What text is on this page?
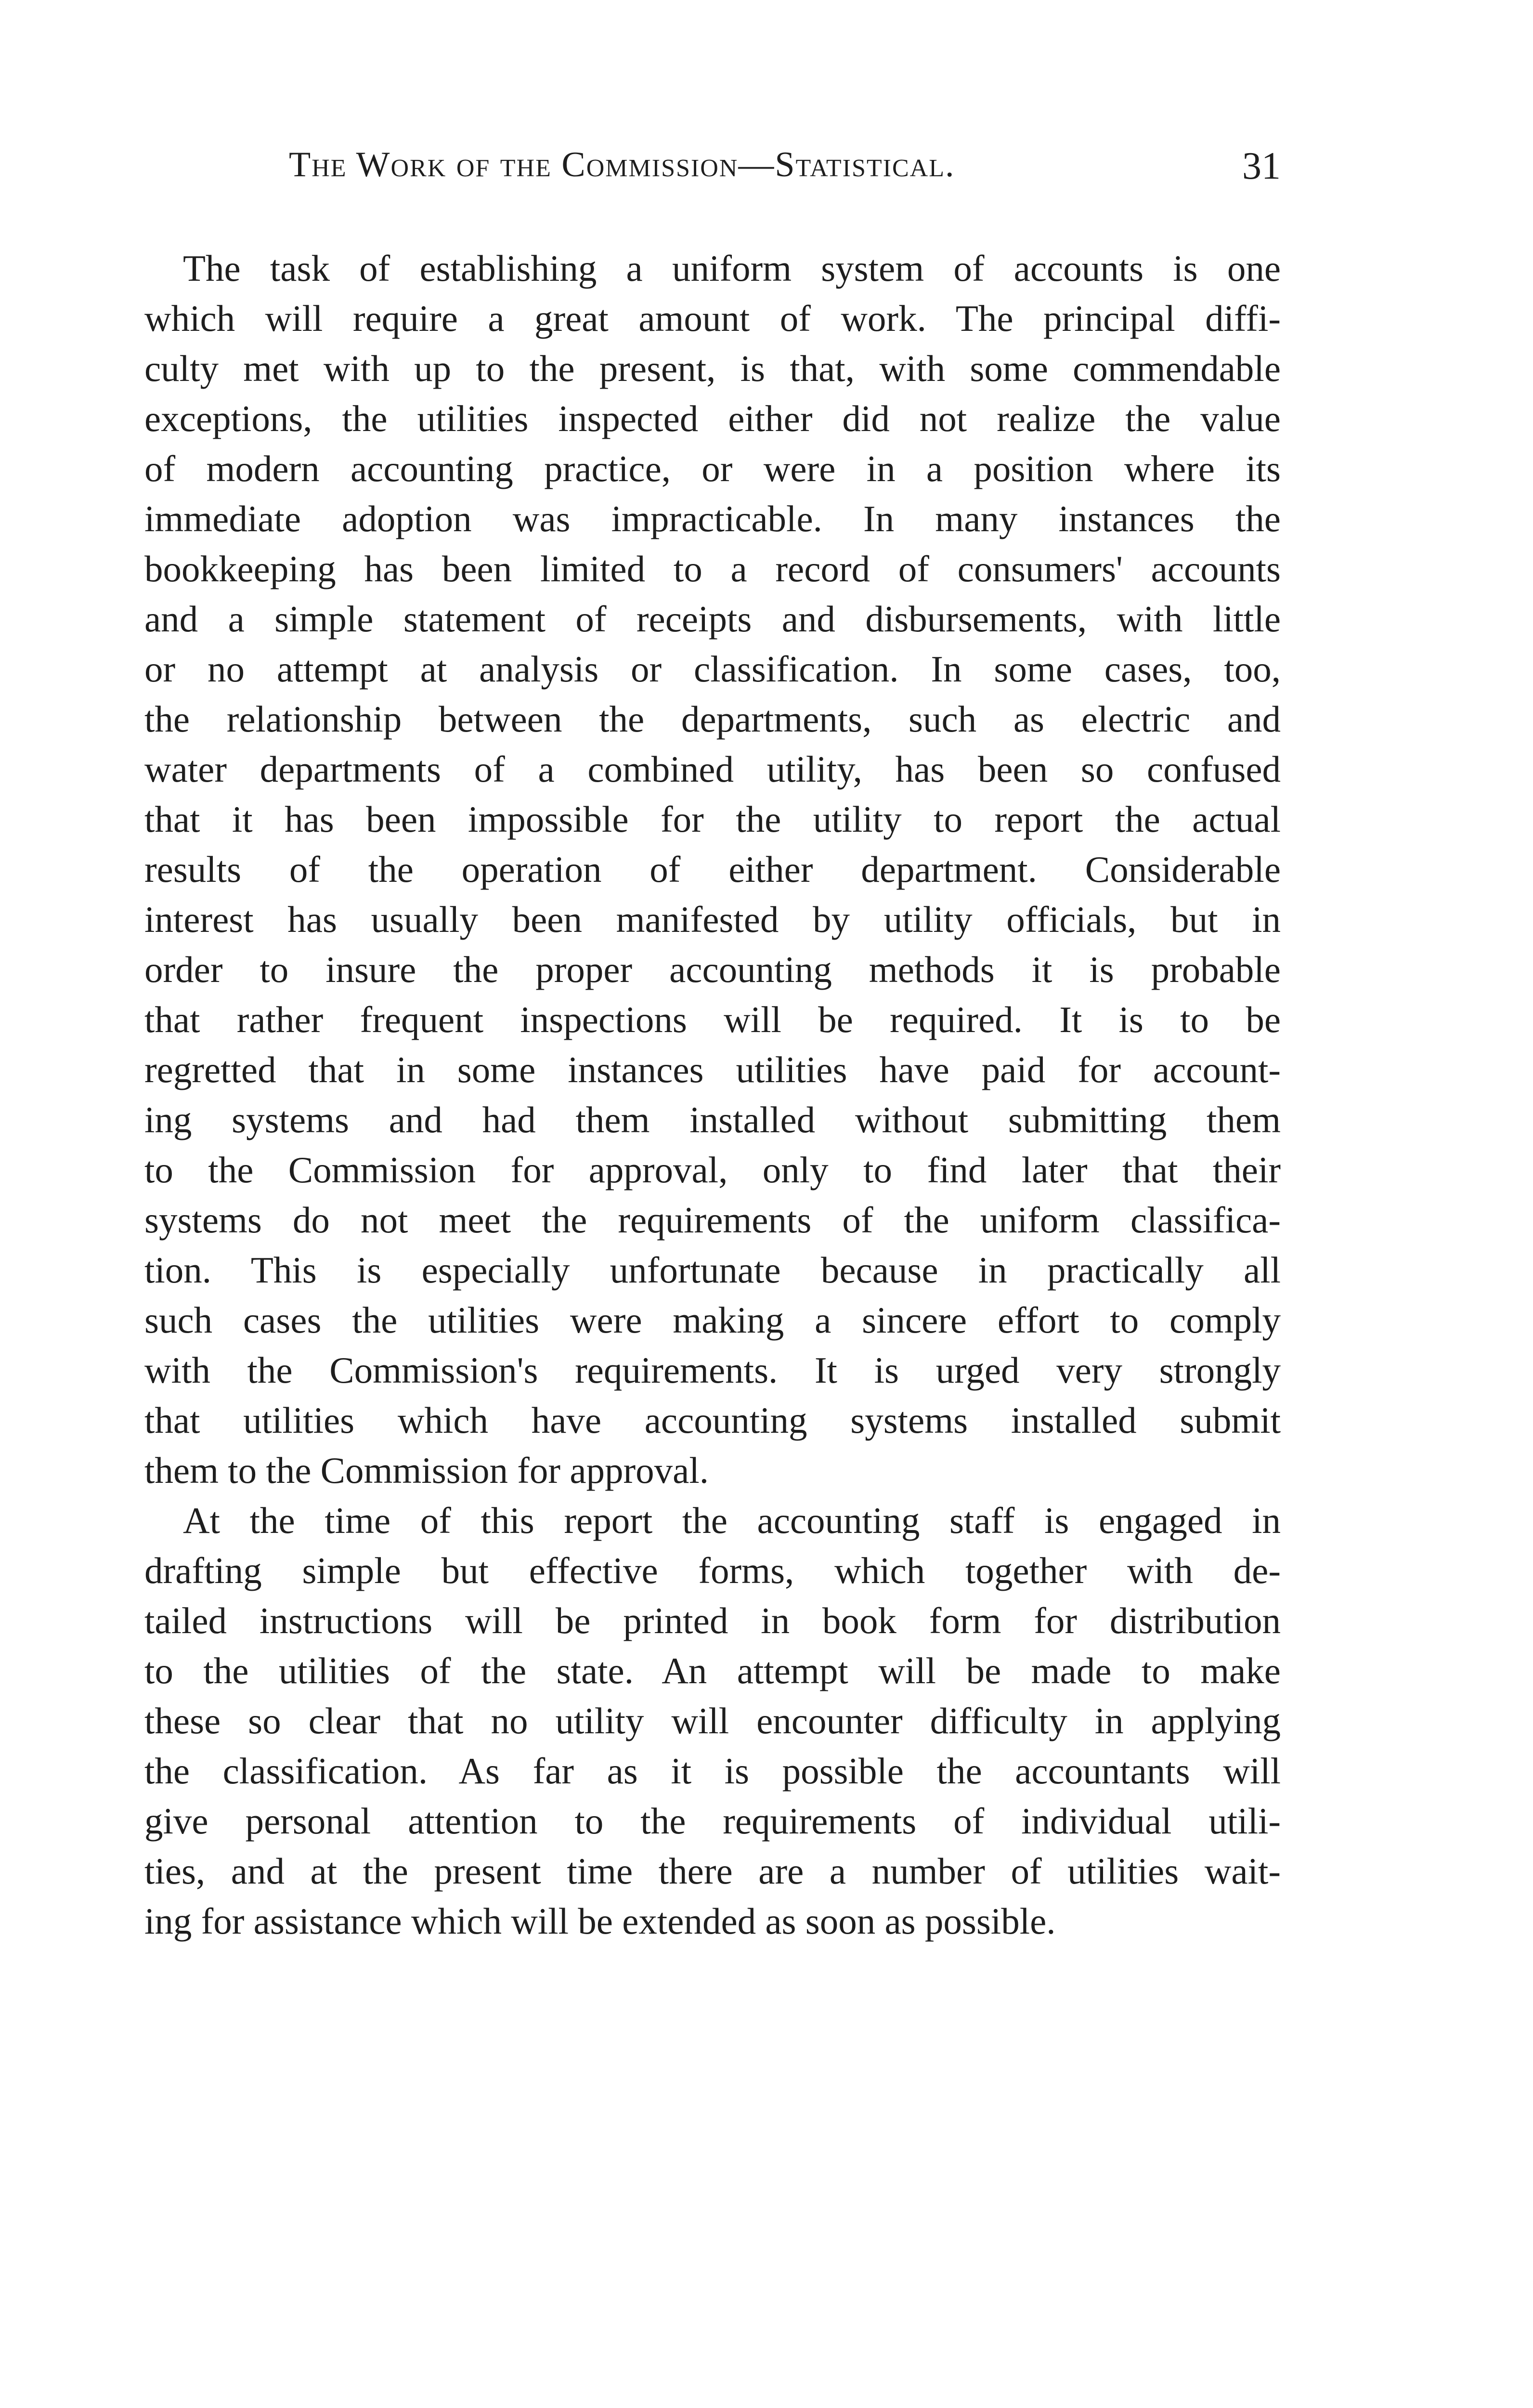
The Work of the Commission—Statistical.	31
The task of establishing a uniform system of accounts is one
which will require a great amount of work. The principal diffi-
culty met with up to the present, is that, with some commendable
exceptions, the utilities inspected either did not realize the value
of modern accounting practice, or were in a position where its
immediate adoption was impracticable. In many instances the
bookkeeping has been limited to a record of consumers' accounts
and a simple statement of receipts and disbursements, with little
or no attempt at analysis or classification. In some cases, too,
the relationship between the departments, such as electric and
water departments of a combined utility, has been so confused
that it has been impossible for the utility to report the actual
results of the operation of either department. Considerable
interest has usually been manifested by utility officials, but in
order to insure the proper accounting methods it is probable
that rather frequent inspections will be required. It is to be
regretted that in some instances utilities have paid for account-
ing systems and had them installed without submitting them
to the Commission for approval, only to find later that their
systems do not meet the requirements of the uniform classifica-
tion. This is especially unfortunate because in practically all
such cases the utilities were making a sincere effort to comply
with the Commission's requirements. It is urged very strongly
that utilities which have accounting systems installed submit
them to the Commission for approval.
At the time of this report the accounting staff is engaged in
drafting simple but effective forms, which together with de-
tailed instructions will be printed in book form for distribution
to the utilities of the state. An attempt will be made to make
these so clear that no utility will encounter difficulty in applying
the classification. As far as it is possible the accountants will
give personal attention to the requirements of individual utili-
ties, and at the present time there are a number of utilities wait-
ing for assistance which will be extended as soon as possible.
